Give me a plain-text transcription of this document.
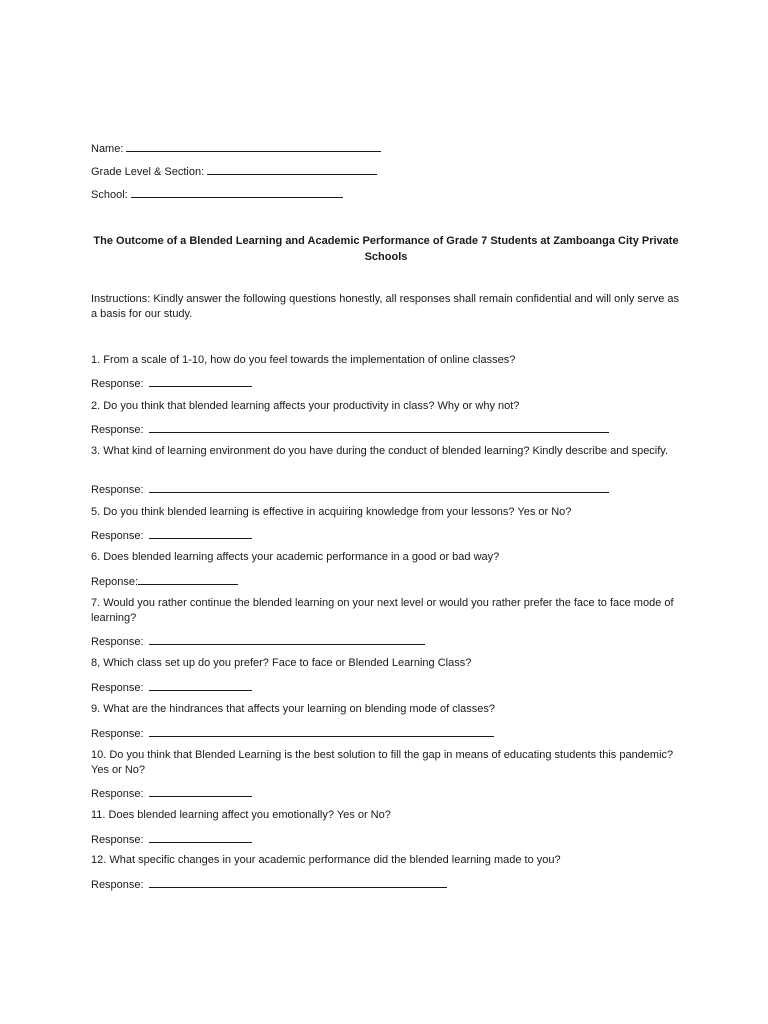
Name:
Grade Level & Section:
School:
The Outcome of a Blended Learning and Academic Performance of Grade 7 Students at Zamboanga City Private Schools
Instructions: Kindly answer the following questions honestly, all responses shall remain confidential and will only serve as a basis for our study.
1. From a scale of 1-10, how do you feel towards the implementation of online classes?
Response:
2. Do you think that blended learning affects your productivity in class? Why or why not?
Response:
3. What kind of learning environment do you have during the conduct of blended learning? Kindly describe and specify.
Response:
5. Do you think blended learning is effective in acquiring knowledge from your lessons? Yes or No?
Response:
6. Does blended learning affects your academic performance in a good or bad way?
Reponse:
7. Would you rather continue the blended learning on your next level or would you rather prefer the face to face mode of learning?
Response:
8, Which class set up do you prefer? Face to face or Blended Learning Class?
Response:
9. What are the hindrances that affects your learning on blending mode of classes?
Response:
10. Do you think that Blended Learning is the best solution to fill the gap in means of educating students this pandemic? Yes or No?
Response:
11. Does blended learning affect you emotionally? Yes or No?
Response:
12. What specific changes in your academic performance did the blended learning made to you?
Response:
